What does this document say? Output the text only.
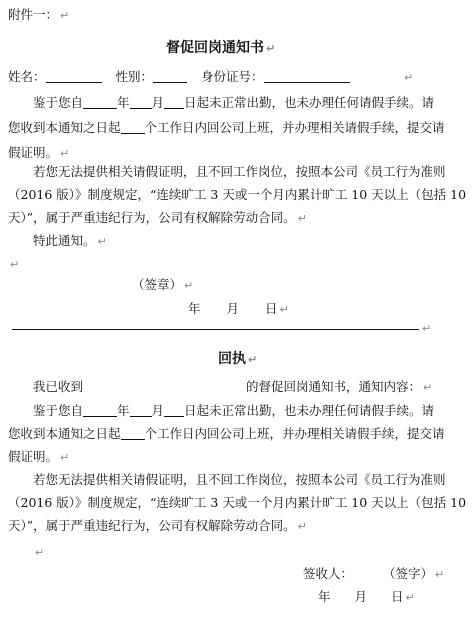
附件一： ↵
督促回岗通知书 ↵
姓名：	性别：	身份证号：	↵
鉴于您自	年 月 日起未正常出勤，也未办理任何请假手续。请
您收到本通知之日起 个工作日内回公司上班，并办理相关请假手续，提交请
假证明。 ↵
若您无法提供相关请假证明，且不回工作岗位，按照本公司《员工行为准则
（2016 版）》制度规定，“连续旷工 3 天或一个月内累计旷工 10 天以上（包括 10
天）”，属于严重违纪行为，公司有权解除劳动合同。 ↵
特此通知。 ↵
↵
（签章） ↵
年 月 日 ↵
↵
回执 ↵
我已收到	的督促回岗通知书，通知内容： ↵
鉴于您自	年 月 日起未正常出勤，也未办理任何请假手续。请
您收到本通知之日起 个工作日内回公司上班，并办理相关请假手续，提交请
假证明。 ↵
若您无法提供相关请假证明，且不回工作岗位，按照本公司《员工行为准则
（2016 版）》制度规定，“连续旷工 3 天或一个月内累计旷工 10 天以上（包括 10
天）”，属于严重违纪行为，公司有权解除劳动合同。 ↵
↵
签收人： （签字） ↵
年 月 日 ↵
